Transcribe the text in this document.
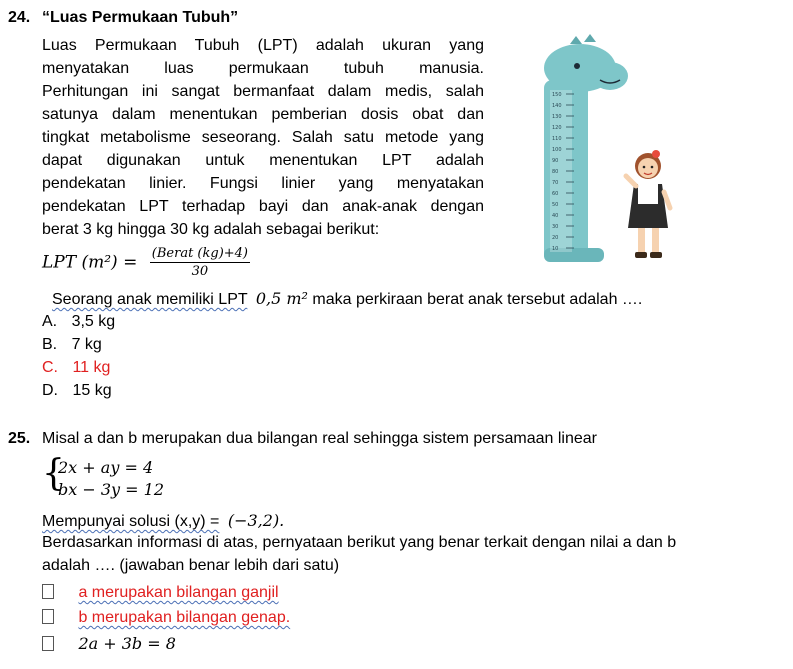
24. “Luas Permukaan Tubuh”
Luas Permukaan Tubuh (LPT) adalah ukuran yang
menyatakan luas permukaan tubuh manusia.
Perhitungan ini sangat bermanfaat dalam medis, salah
satunya dalam menentukan pemberian dosis obat dan
tingkat metabolisme seseorang. Salah satu metode yang
dapat digunakan untuk menentukan LPT adalah
pendekatan linier. Fungsi linier yang menyatakan
pendekatan LPT terhadap bayi dan anak-anak dengan
berat 3 kg hingga 30 kg adalah sebagai berikut:
LPT $(m^2) = \frac{\text{(Berat (kg)+4)}}{30}$
150
140
130
120
110
100
90
80
70
60
50
40
30
20
10
Seorang anak memiliki LPT 0,5 m² maka perkiraan berat anak tersebut adalah ….
A. 3,5 kg
B. 7 kg
C. 11 kg
D. 15 kg
25. Misal a dan b merupakan dua bilangan real sehingga sistem persamaan linear
{
2x + ay = 4
bx − 3y = 12
Mempunyai solusi (x,y) = (−3,2).
Berdasarkan informasi di atas, pernyataan berikut yang benar terkait dengan nilai a dan b
adalah …. (jawaban benar lebih dari satu)
a merupakan bilangan ganjil
b merupakan bilangan genap.
2a + 3b = 8
